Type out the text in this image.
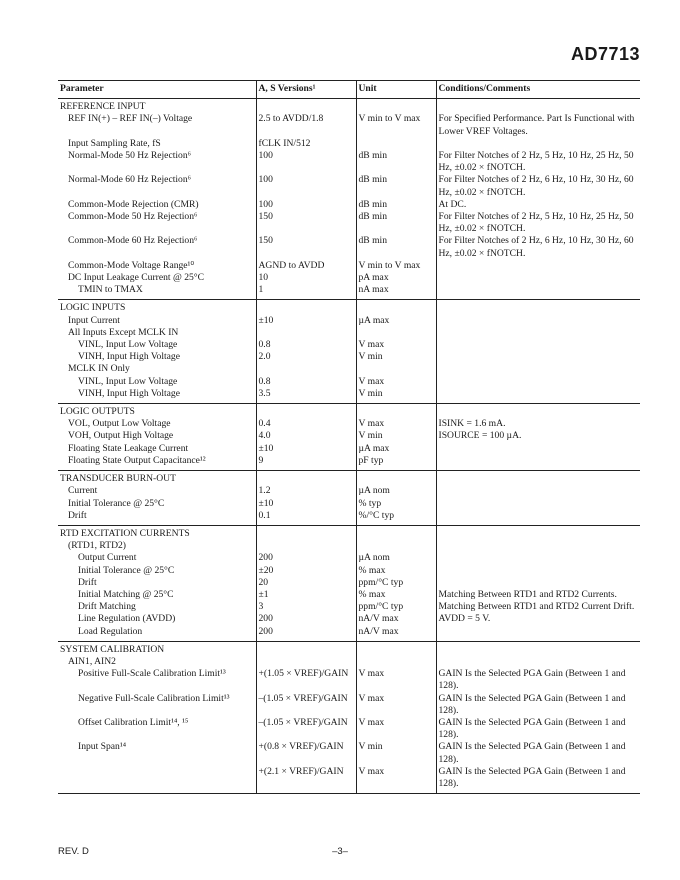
AD7713
Parameter	A, S Versions¹	Unit	Conditions/Comments
REFERENCE INPUT			
REF IN(+) – REF IN(–) Voltage	2.5 to AVDD/1.8	V min to V max	For Specified Performance. Part Is Functional with Lower VREF Voltages.
Input Sampling Rate, fS	fCLK IN/512		
Normal-Mode 50 Hz Rejection⁶	100	dB min	For Filter Notches of 2 Hz, 5 Hz, 10 Hz, 25 Hz, 50 Hz, ±0.02 × fNOTCH.
Normal-Mode 60 Hz Rejection⁶	100	dB min	For Filter Notches of 2 Hz, 6 Hz, 10 Hz, 30 Hz, 60 Hz, ±0.02 × fNOTCH.
Common-Mode Rejection (CMR)	100	dB min	At DC.
Common-Mode 50 Hz Rejection⁶	150	dB min	For Filter Notches of 2 Hz, 5 Hz, 10 Hz, 25 Hz, 50 Hz, ±0.02 × fNOTCH.
Common-Mode 60 Hz Rejection⁶	150	dB min	For Filter Notches of 2 Hz, 6 Hz, 10 Hz, 30 Hz, 60 Hz, ±0.02 × fNOTCH.
Common-Mode Voltage Range¹⁰	AGND to AVDD	V min to V max	
DC Input Leakage Current @ 25°C	10	pA max	
TMIN to TMAX	1	nA max	
LOGIC INPUTS			
Input Current	±10	µA max	
All Inputs Except MCLK IN			
VINL, Input Low Voltage	0.8	V max	
VINH, Input High Voltage	2.0	V min	
MCLK IN Only			
VINL, Input Low Voltage	0.8	V max	
VINH, Input High Voltage	3.5	V min	
LOGIC OUTPUTS			
VOL, Output Low Voltage	0.4	V max	ISINK = 1.6 mA.
VOH, Output High Voltage	4.0	V min	ISOURCE = 100 µA.
Floating State Leakage Current	±10	µA max	
Floating State Output Capacitance¹²	9	pF typ	
TRANSDUCER BURN-OUT			
Current	1.2	µA nom	
Initial Tolerance @ 25°C	±10	% typ	
Drift	0.1	%/°C typ	
RTD EXCITATION CURRENTS			
(RTD1, RTD2)			
Output Current	200	µA nom	
Initial Tolerance @ 25°C	±20	% max	
Drift	20	ppm/°C typ	
Initial Matching @ 25°C	±1	% max	Matching Between RTD1 and RTD2 Currents.
Drift Matching	3	ppm/°C typ	Matching Between RTD1 and RTD2 Current Drift.
Line Regulation (AVDD)	200	nA/V max	AVDD = 5 V.
Load Regulation	200	nA/V max	
SYSTEM CALIBRATION			
AIN1, AIN2			
Positive Full-Scale Calibration Limit¹³	+(1.05 × VREF)/GAIN	V max	GAIN Is the Selected PGA Gain (Between 1 and 128).
Negative Full-Scale Calibration Limit¹³	–(1.05 × VREF)/GAIN	V max	GAIN Is the Selected PGA Gain (Between 1 and 128).
Offset Calibration Limit¹⁴, ¹⁵	–(1.05 × VREF)/GAIN	V max	GAIN Is the Selected PGA Gain (Between 1 and 128).
Input Span¹⁴	+(0.8 × VREF)/GAIN	V min	GAIN Is the Selected PGA Gain (Between 1 and 128).
	+(2.1 × VREF)/GAIN	V max	GAIN Is the Selected PGA Gain (Between 1 and 128).
REV. D	–3–
